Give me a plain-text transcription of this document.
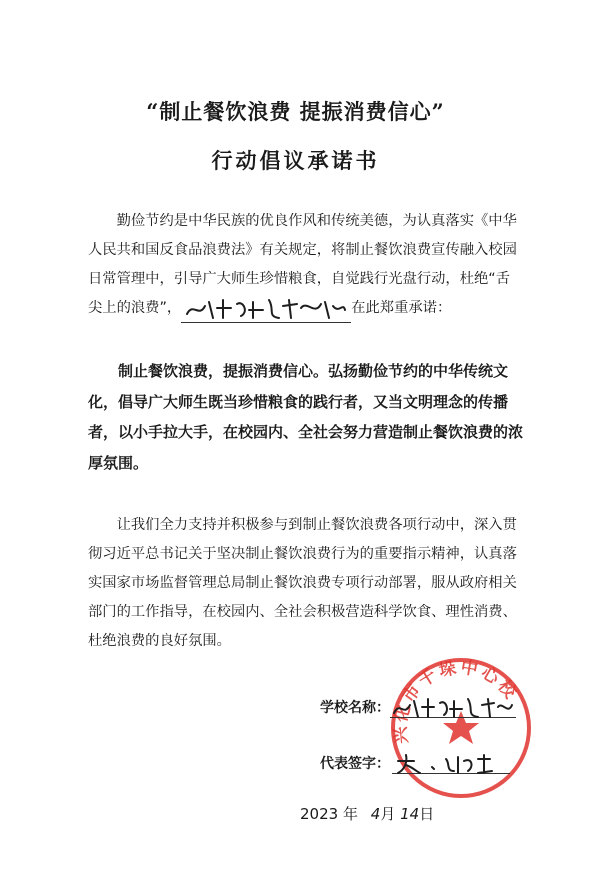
“制止餐饮浪费 提振消费信心”
行动倡议承诺书
勤俭节约是中华民族的优良作风和传统美德，为认真落实《中华人民共和国反食品浪费法》有关规定，将制止餐饮浪费宣传融入校园日常管理中，引导广大师生珍惜粮食，自觉践行光盘行动，杜绝“舌尖上的浪费”，	在此郑重承诺：
制止餐饮浪费，提振消费信心。弘扬勤俭节约的中华传统文化，倡导广大师生既当珍惜粮食的践行者，又当文明理念的传播者，以小手拉大手，在校园内、全社会努力营造制止餐饮浪费的浓厚氛围。
让我们全力支持并积极参与到制止餐饮浪费各项行动中，深入贯彻习近平总书记关于坚决制止餐饮浪费行为的重要指示精神，认真落实国家市场监督管理总局制止餐饮浪费专项行动部署，服从政府相关部门的工作指导，在校园内、全社会积极营造科学饮食、理性消费、杜绝浪费的良好氛围。
兴化市千垛中心校
学校名称：
代表签字：
2023 年 4月 14日
